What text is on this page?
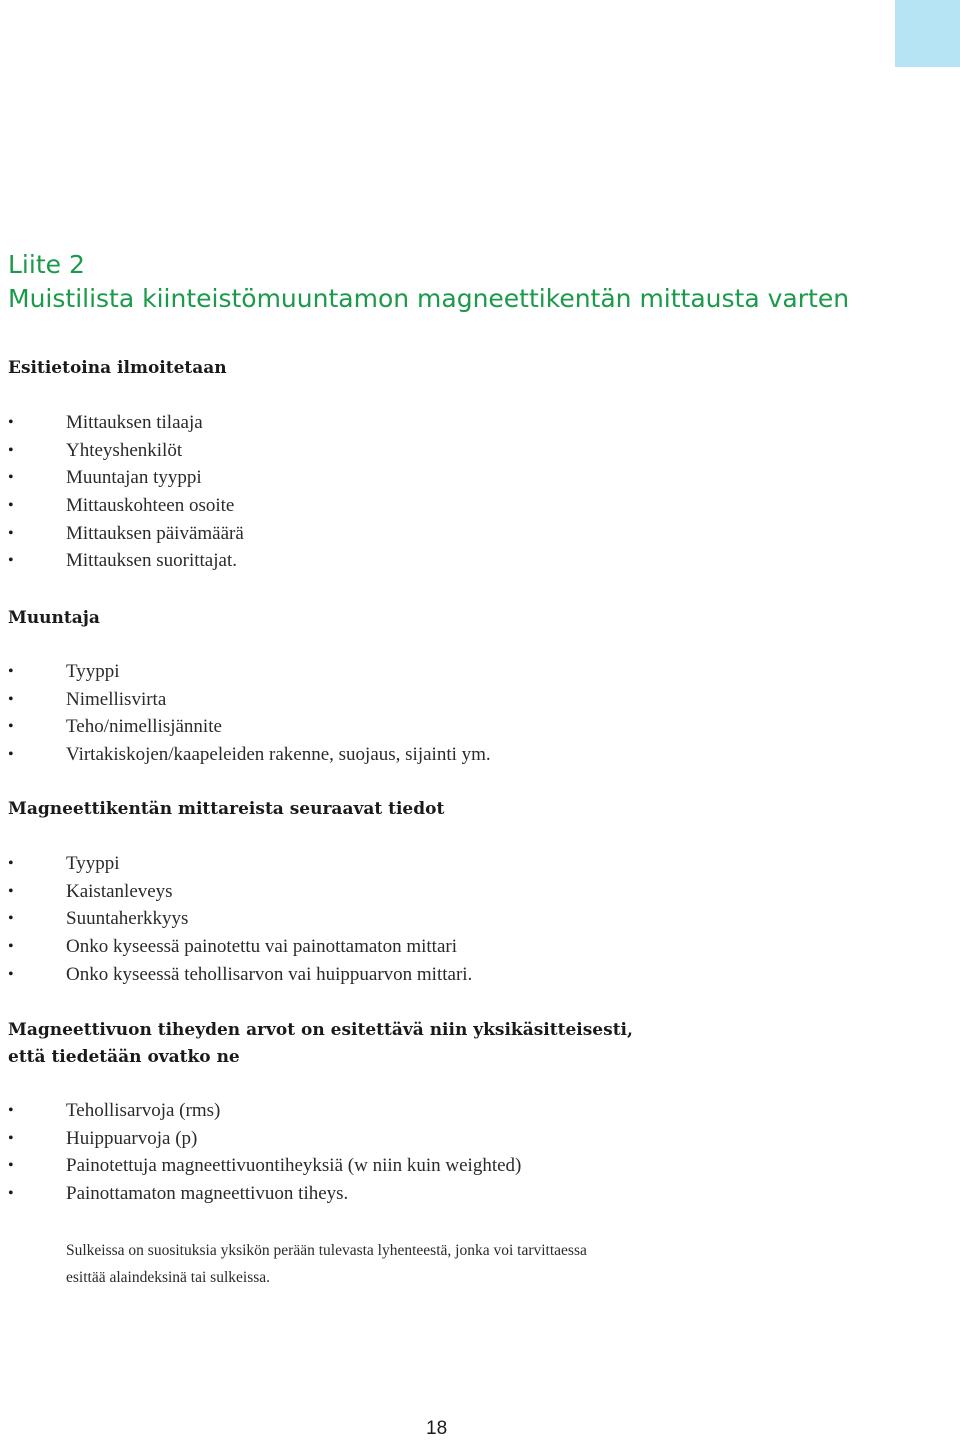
Liite 2
Muistilista kiinteistömuuntamon magneettikentän mittausta varten
Esitietoina ilmoitetaan
•	Mittauksen tilaaja
•	Yhteyshenkilöt
•	Muuntajan tyyppi
•	Mittauskohteen osoite
•	Mittauksen päivämäärä
•	Mittauksen suorittajat.
Muuntaja
•	Tyyppi
•	Nimellisvirta
•	Teho/nimellisjännite
•	Virtakiskojen/kaapeleiden rakenne, suojaus, sijainti ym.
Magneettikentän mittareista seuraavat tiedot
•	Tyyppi
•	Kaistanleveys
•	Suuntaherkkyys
•	Onko kyseessä painotettu vai painottamaton mittari
•	Onko kyseessä tehollisarvon vai huippuarvon mittari.
Magneettivuon tiheyden arvot on esitettävä niin yksikäsitteisesti,
että tiedetään ovatko ne
•	Tehollisarvoja (rms)
•	Huippuarvoja (p)
•	Painotettuja magneettivuontiheyksiä (w niin kuin weighted)
•	Painottamaton magneettivuon tiheys.
Sulkeissa on suosituksia yksikön perään tulevasta lyhenteestä, jonka voi tarvittaessa
esittää alaindeksinä tai sulkeissa.
18
